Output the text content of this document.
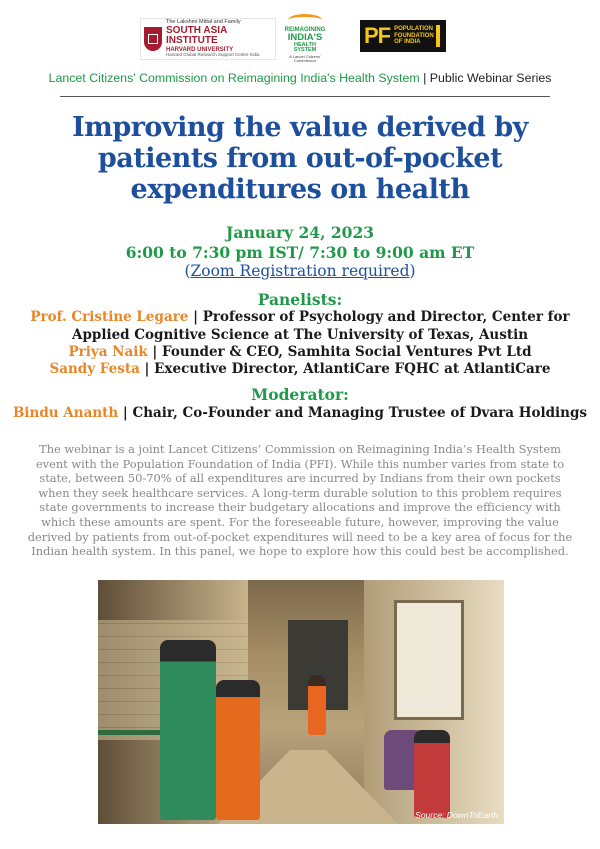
The Lakshmi Mittal and Family
SOUTH ASIA INSTITUTE
HARVARD UNIVERSITY
Harvard Global Research Support Centre India
REIMAGINING
INDIA'S
HEALTH SYSTEM
A Lancet Citizens' Commission
PF POPULATION FOUNDATION OF INDIA
Lancet Citizens' Commission on Reimagining India's Health System | Public Webinar Series
Improving the value derived by patients from out-of-pocket expenditures on health
January 24, 2023
6:00 to 7:30 pm IST/ 7:30 to 9:00 am ET
(Zoom Registration required)
Panelists:
Prof. Cristine Legare | Professor of Psychology and Director, Center for Applied Cognitive Science at The University of Texas, Austin
Priya Naik | Founder & CEO, Samhita Social Ventures Pvt Ltd
Sandy Festa | Executive Director, AtlantiCare FQHC at AtlantiCare
Moderator:
Bindu Ananth | Chair, Co-Founder and Managing Trustee of Dvara Holdings

The webinar is a joint Lancet Citizens’ Commission on Reimagining India’s Health System event with the Population Foundation of India (PFI). While this number varies from state to state, between 50-70% of all expenditures are incurred by Indians from their own pockets when they seek healthcare services. A long-term durable solution to this problem requires state governments to increase their budgetary allocations and improve the efficiency with which these amounts are spent. For the foreseeable future, however, improving the value derived by patients from out-of-pocket expenditures will need to be a key area of focus for the Indian health system. In this panel, we hope to explore how this could best be accomplished.

Source: DownToEarth
